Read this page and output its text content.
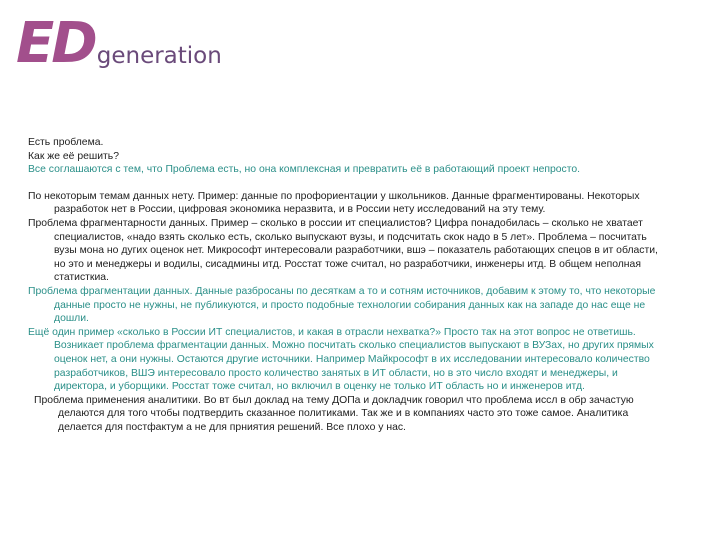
ED generation

Есть проблема.

Как же её решить?

Все соглашаются с тем, что Проблема есть, но она комплексная и превратить её в работающий проект непросто.

По некоторым темам данных нету. Пример: данные по профориентации у школьников. Данные фрагментированы. Некоторых разработок нет в России, цифровая экономика неразвита, и в России нету исследований на эту тему.

Проблема фрагментарности данных. Пример – сколько в россии ит специалистов? Цифра понадобилась – сколько не хватает специалистов, «надо взять сколько есть, сколько выпускают вузы, и подсчитать скок надо в 5 лет». Проблема – посчитать вузы мона но дугих оценок нет. Микрософт интересовали разработчики, вшэ – показатель работающих спецов в ит области, но это и менеджеры и водилы, сисадмины итд. Росстат тоже считал, но разработчики, инженеры итд. В общем неполная статисткиа.

Проблема фрагментации данных. Данные разбросаны по десяткам а то и сотням источников, добавим к этому то, что некоторые данные просто не нужны, не публикуются, и просто подобные технологии собирания данных как на западе до нас еще не дошли.

Ещё один пример «сколько в России ИТ специалистов, и какая в отрасли нехватка?» Просто так на этот вопрос не ответишь. Возникает проблема фрагментации данных. Можно посчитать сколько специалистов выпускают в ВУЗах, но других прямых оценок нет, а они нужны. Остаются другие источники. Например Майкрософт в их исследовании интересовало количество разработчиков, ВШЭ интересовало просто количество занятых в ИТ области, но в это число входят и менеджеры, и директора, и уборщики. Росстат тоже считал, но включил в оценку не только ИТ область но и инженеров итд.

Проблема применения аналитики. Во вт был доклад на тему ДОПа и докладчик говорил что проблема иссл в обр зачастую делаются для того чтобы подтвердить сказанное политиками. Так же и в компаниях часто это тоже самое. Аналитика делается для постфактум а не для прниятия решений. Все плохо у нас.
